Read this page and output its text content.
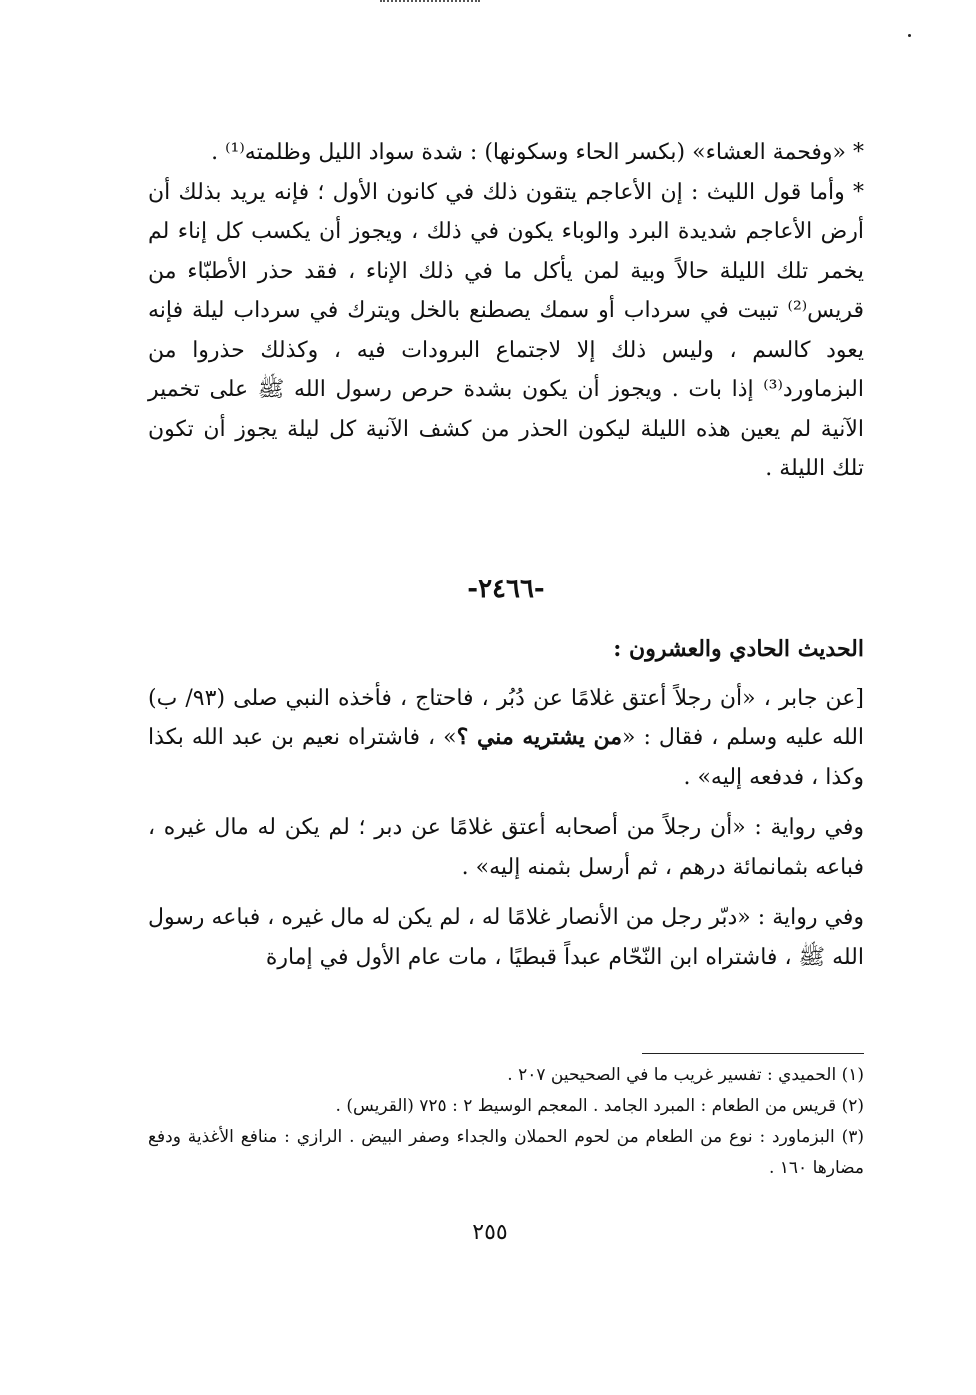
* «وفحمة العشاء» (بكسر الحاء وسكونها) : شدة سواد الليل وظلمته⁽¹⁾ .

* وأما قول الليث : إن الأعاجم يتقون ذلك في كانون الأول ؛ فإنه يريد بذلك أن أرض الأعاجم شديدة البرد والوباء يكون في ذلك ، ويجوز أن يكسب كل إناء لم يخمر تلك الليلة حالاً وبية لمن يأكل ما في ذلك الإناء ، فقد حذر الأطبّاء من قريس⁽²⁾ تبيت في سرداب أو سمك يصطنع بالخل ويترك في سرداب ليلة فإنه يعود كالسم ، وليس ذلك إلا لاجتماع البرودات فيه ، وكذلك حذروا من البزماورد⁽³⁾ إذا بات . ويجوز أن يكون بشدة حرص رسول الله ﷺ على تخمير الآنية لم يعين هذه الليلة ليكون الحذر من كشف الآنية كل ليلة يجوز أن تكون تلك الليلة .

-٢٤٦٦-

الحديث الحادي والعشرون :

[عن جابر ، «أن رجلاً أعتق غلامًا عن دُبُر ، فاحتاج ، فأخذه النبي صلى (٩٣/ ب) الله عليه وسلم ، فقال : «من يشتريه مني ؟» ، فاشتراه نعيم بن عبد الله بكذا وكذا ، فدفعه إليه» .

وفي رواية : «أن رجلاً من أصحابه أعتق غلامًا عن دبر ؛ لم يكن له مال غيره ، فباعه بثمانمائة درهم ، ثم أرسل بثمنه إليه» .

وفي رواية : «دبّر رجل من الأنصار غلامًا له ، لم يكن له مال غيره ، فباعه رسول الله ﷺ ، فاشتراه ابن النّحّام عبداً قبطيًا ، مات عام الأول في إمارة

(١) الحميدي : تفسير غريب ما في الصحيحين ٢٠٧ .

(٢) قريس من الطعام : المبرد الجامد . المعجم الوسيط ٢ : ٧٢٥ (القريس) .

(٣) البزماورد : نوع من الطعام من لحوم الحملان والجداء وصفر البيض . الرازي : منافع الأغذية ودفع مضارها ١٦٠ .

٢٥٥
